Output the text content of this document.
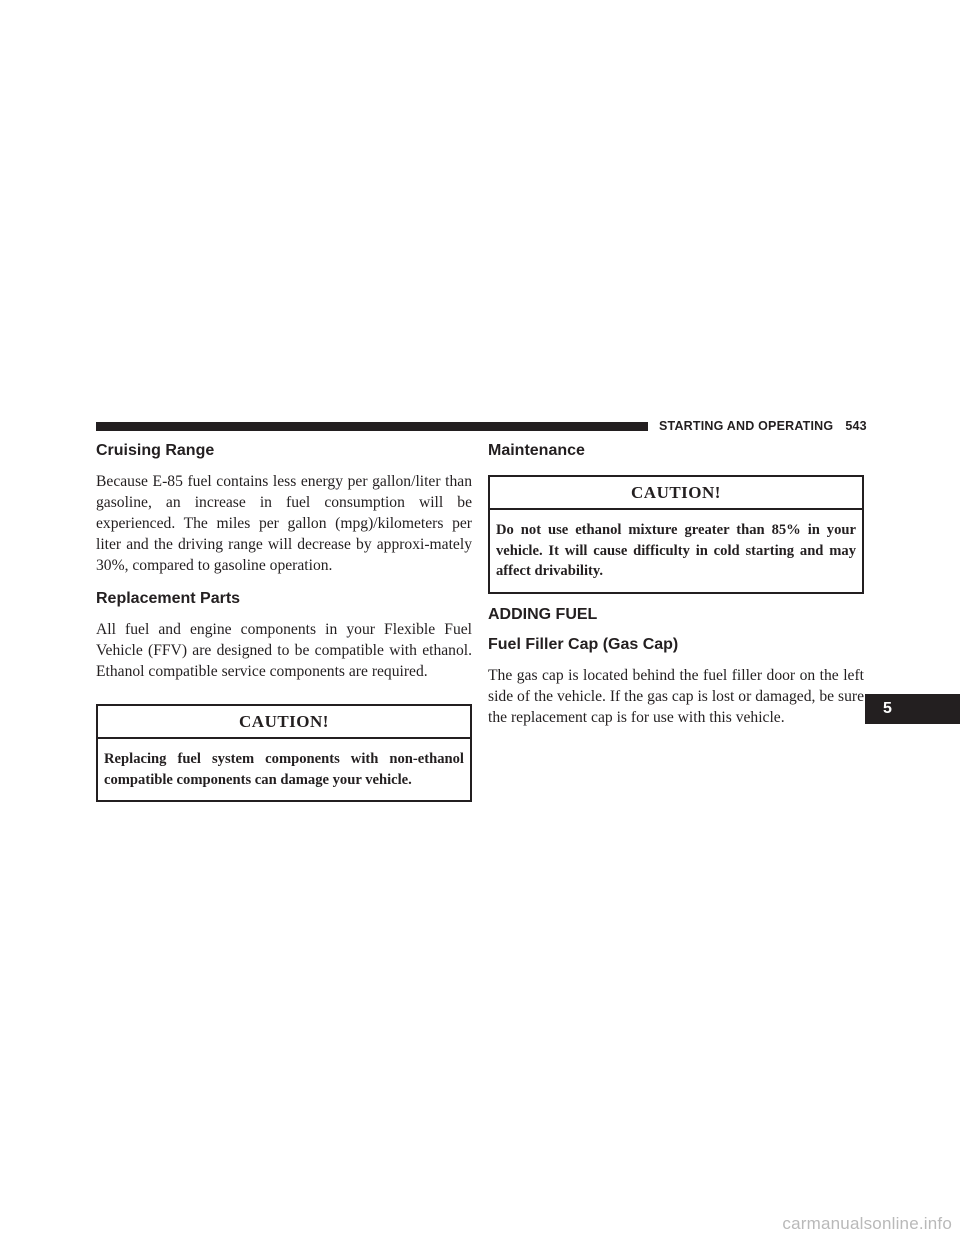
STARTING AND OPERATING 543
Cruising Range

Because E-85 fuel contains less energy per gallon/liter than gasoline, an increase in fuel consumption will be experienced. The miles per gallon (mpg)/kilometers per liter and the driving range will decrease by approxi-mately 30%, compared to gasoline operation.

Replacement Parts

All fuel and engine components in your Flexible Fuel Vehicle (FFV) are designed to be compatible with ethanol. Ethanol compatible service components are required.

CAUTION!
Replacing fuel system components with non-ethanol compatible components can damage your vehicle.
Maintenance
CAUTION!
Do not use ethanol mixture greater than 85% in your vehicle. It will cause difficulty in cold starting and may affect drivability.
ADDING FUEL
Fuel Filler Cap (Gas Cap)

The gas cap is located behind the fuel filler door on the left side of the vehicle. If the gas cap is lost or damaged, be sure the replacement cap is for use with this vehicle.	5
carmanualsonline.info
